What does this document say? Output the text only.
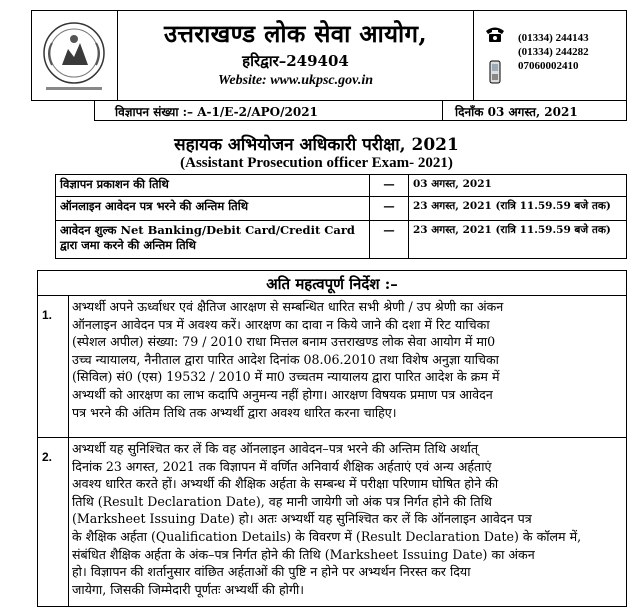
उत्तराखण्ड लोक सेवा आयोग,
हरिद्वार–249404
Website: www.ukpsc.gov.in
(01334) 244143
(01334) 244282
07060002410
विज्ञापन संख्या :– A-1/E-2/APO/2021	दिनाँक 03 अगस्त, 2021
सहायक अभियोजन अधिकारी परीक्षा, 2021
(Assistant Prosecution officer Exam- 2021)
विज्ञापन प्रकाशन की तिथि	—	03 अगस्त, 2021
ऑनलाइन आवेदन पत्र भरने की अन्तिम तिथि	—	23 अगस्त, 2021 (रात्रि 11.59.59 बजे तक)
आवेदन शुल्क Net Banking/Debit Card/Credit Card द्वारा जमा करने की अन्तिम तिथि	—	23 अगस्त, 2021 (रात्रि 11.59.59 बजे तक)
अति महत्वपूर्ण निर्देश :–
1.
अभ्यर्थी अपने ऊर्ध्वाधर एवं क्षैतिज आरक्षण से सम्बन्धित धारित सभी श्रेणी / उप श्रेणी का अंकन
ऑनलाइन आवेदन पत्र में अवश्य करें। आरक्षण का दावा न किये जाने की दशा में रिट याचिका
(स्पेशल अपील) संख्या: 79 / 2010 राधा मित्तल बनाम उत्तराखण्ड लोक सेवा आयोग में मा0
उच्च न्यायालय, नैनीताल द्वारा पारित आदेश दिनांक 08.06.2010 तथा विशेष अनुज्ञा याचिका
(सिविल) सं0 (एस) 19532 / 2010 में मा0 उच्चतम न्यायालय द्वारा पारित आदेश के क्रम में
अभ्यर्थी को आरक्षण का लाभ कदापि अनुमन्य नहीं होगा। आरक्षण विषयक प्रमाण पत्र आवेदन
पत्र भरने की अंतिम तिथि तक अभ्यर्थी द्वारा अवश्य धारित करना चाहिए।
2.
अभ्यर्थी यह सुनिश्चित कर लें कि वह ऑनलाइन आवेदन–पत्र भरने की अन्तिम तिथि अर्थात्
दिनांक 23 अगस्त, 2021 तक विज्ञापन में वर्णित अनिवार्य शैक्षिक अर्हताएं एवं अन्य अर्हताएं
अवश्य धारित करते हों। अभ्यर्थी की शैक्षिक अर्हता के सम्बन्ध में परीक्षा परिणाम घोषित होने की
तिथि (Result Declaration Date), वह मानी जायेगी जो अंक पत्र निर्गत होने की तिथि
(Marksheet Issuing Date) हो। अतः अभ्यर्थी यह सुनिश्चित कर लें कि ऑनलाइन आवेदन पत्र
के शैक्षिक अर्हता (Qualification Details) के विवरण में (Result Declaration Date) के कॉलम में,
संबंधित शैक्षिक अर्हता के अंक–पत्र निर्गत होने की तिथि (Marksheet Issuing Date) का अंकन
हो। विज्ञापन की शर्तानुसार वांछित अर्हताओं की पुष्टि न होने पर अभ्यर्थन निरस्त कर दिया
जायेगा, जिसकी जिम्मेदारी पूर्णतः अभ्यर्थी की होगी।
